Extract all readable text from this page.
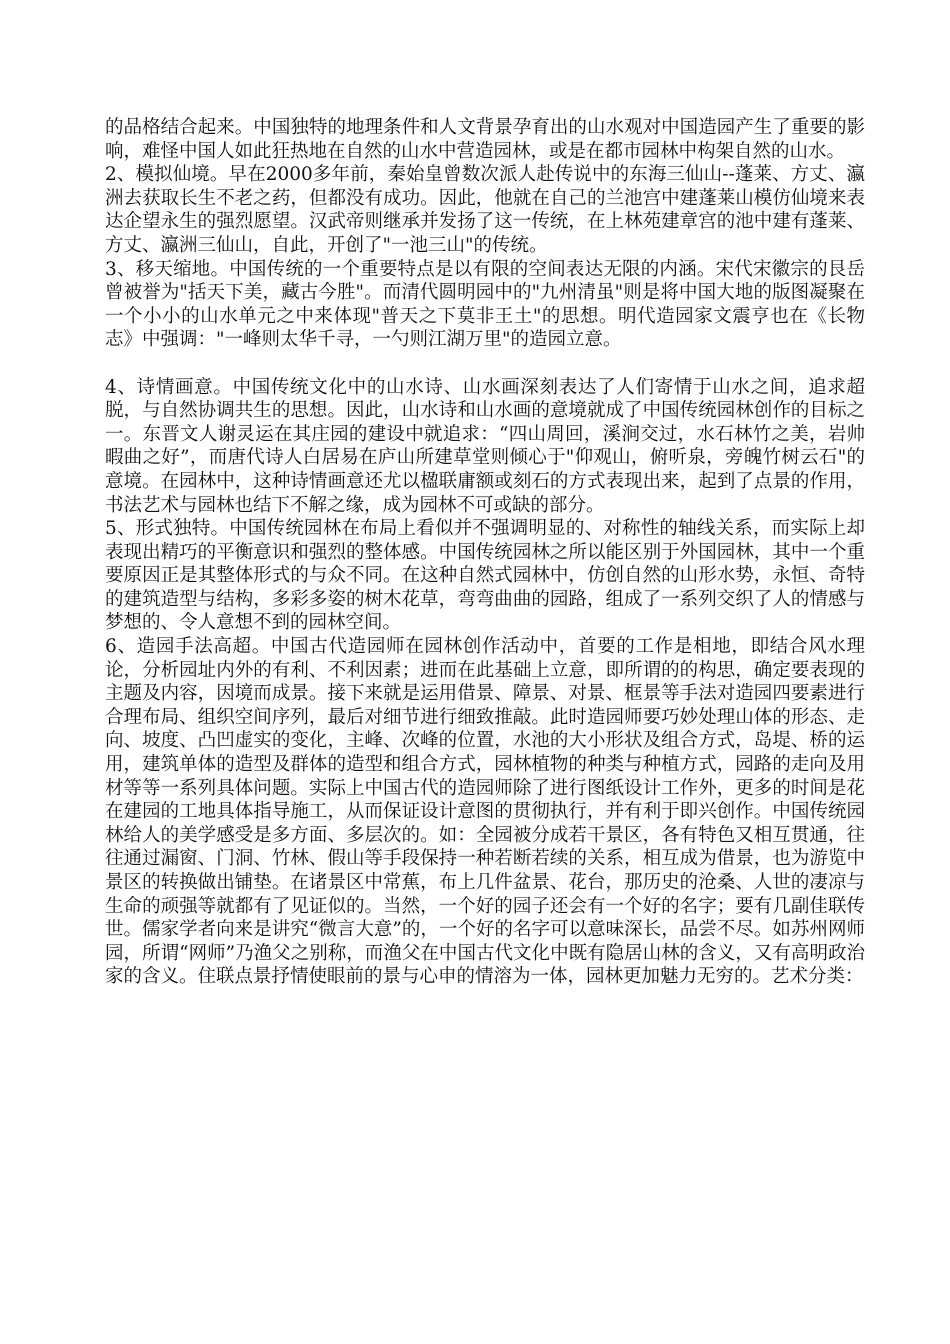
的品格结合起来。中国独特的地理条件和人文背景孕育出的山水观对中国造园产生了重要的影响，难怪中国人如此狂热地在自然的山水中营造园林，或是在都市园林中构架自然的山水。

2、模拟仙境。早在2000多年前，秦始皇曾数次派人赴传说中的东海三仙山--蓬莱、方丈、瀛洲去获取长生不老之药，但都没有成功。因此，他就在自己的兰池宫中建蓬莱山模仿仙境来表达企望永生的强烈愿望。汉武帝则继承并发扬了这一传统，在上林苑建章宫的池中建有蓬莱、方丈、瀛洲三仙山，自此，开创了"一池三山"的传统。

3、移天缩地。中国传统的一个重要特点是以有限的空间表达无限的内涵。宋代宋徽宗的艮岳曾被誉为"括天下美，藏古今胜"。而清代圆明园中的"九州清虽"则是将中国大地的版图凝聚在一个小小的山水单元之中来体现"普天之下莫非王土"的思想。明代造园家文震亨也在《长物志》中强调："一峰则太华千寻，一勺则江湖万里"的造园立意。

4、诗情画意。中国传统文化中的山水诗、山水画深刻表达了人们寄情于山水之间，追求超脱，与自然协调共生的思想。因此，山水诗和山水画的意境就成了中国传统园林创作的目标之一。东晋文人谢灵运在其庄园的建设中就追求：“四山周回，溪涧交过，水石林竹之美，岩帅暇曲之好”，而唐代诗人白居易在庐山所建草堂则倾心于"仰观山，俯听泉，旁魄竹树云石"的意境。在园林中，这种诗情画意还尤以楹联庸额或刻石的方式表现出来，起到了点景的作用，书法艺术与园林也结下不解之缘，成为园林不可或缺的部分。

5、形式独特。中国传统园林在布局上看似并不强调明显的、对称性的轴线关系，而实际上却表现出精巧的平衡意识和强烈的整体感。中国传统园林之所以能区别于外国园林，其中一个重要原因正是其整体形式的与众不同。在这种自然式园林中，仿创自然的山形水势，永恒、奇特的建筑造型与结构，多彩多姿的树木花草，弯弯曲曲的园路，组成了一系列交织了人的情感与梦想的、令人意想不到的园林空间。

6、造园手法高超。中国古代造园师在园林创作活动中，首要的工作是相地，即结合风水理论，分析园址内外的有利、不利因素；进而在此基础上立意，即所谓的的构思，确定要表现的主题及内容，因境而成景。接下来就是运用借景、障景、对景、框景等手法对造园四要素进行合理布局、组织空间序列，最后对细节进行细致推敲。此时造园师要巧妙处理山体的形态、走向、坡度、凸凹虚实的变化，主峰、次峰的位置，水池的大小形状及组合方式，岛堤、桥的运用，建筑单体的造型及群体的造型和组合方式，园林植物的种类与种植方式，园路的走向及用材等等一系列具体问题。实际上中国古代的造园师除了进行图纸设计工作外，更多的时间是花在建园的工地具体指导施工，从而保证设计意图的贯彻执行，并有利于即兴创作。中国传统园林给人的美学感受是多方面、多层次的。如：全园被分成若干景区，各有特色又相互贯通，往往通过漏窗、门洞、竹林、假山等手段保持一种若断若续的关系，相互成为借景，也为游览中景区的转换做出铺垫。在诸景区中常蕉，布上几件盆景、花台，那历史的沧桑、人世的凄凉与生命的顽强等就都有了见证似的。当然，一个好的园子还会有一个好的名字；要有几副佳联传世。儒家学者向来是讲究“微言大意”的，一个好的名字可以意味深长，品尝不尽。如苏州网师园，所谓“网师”乃渔父之别称，而渔父在中国古代文化中既有隐居山林的含义，又有高明政治家的含义。住联点景抒情使眼前的景与心申的情溶为一体，园林更加魅力无穷的。艺术分类：
